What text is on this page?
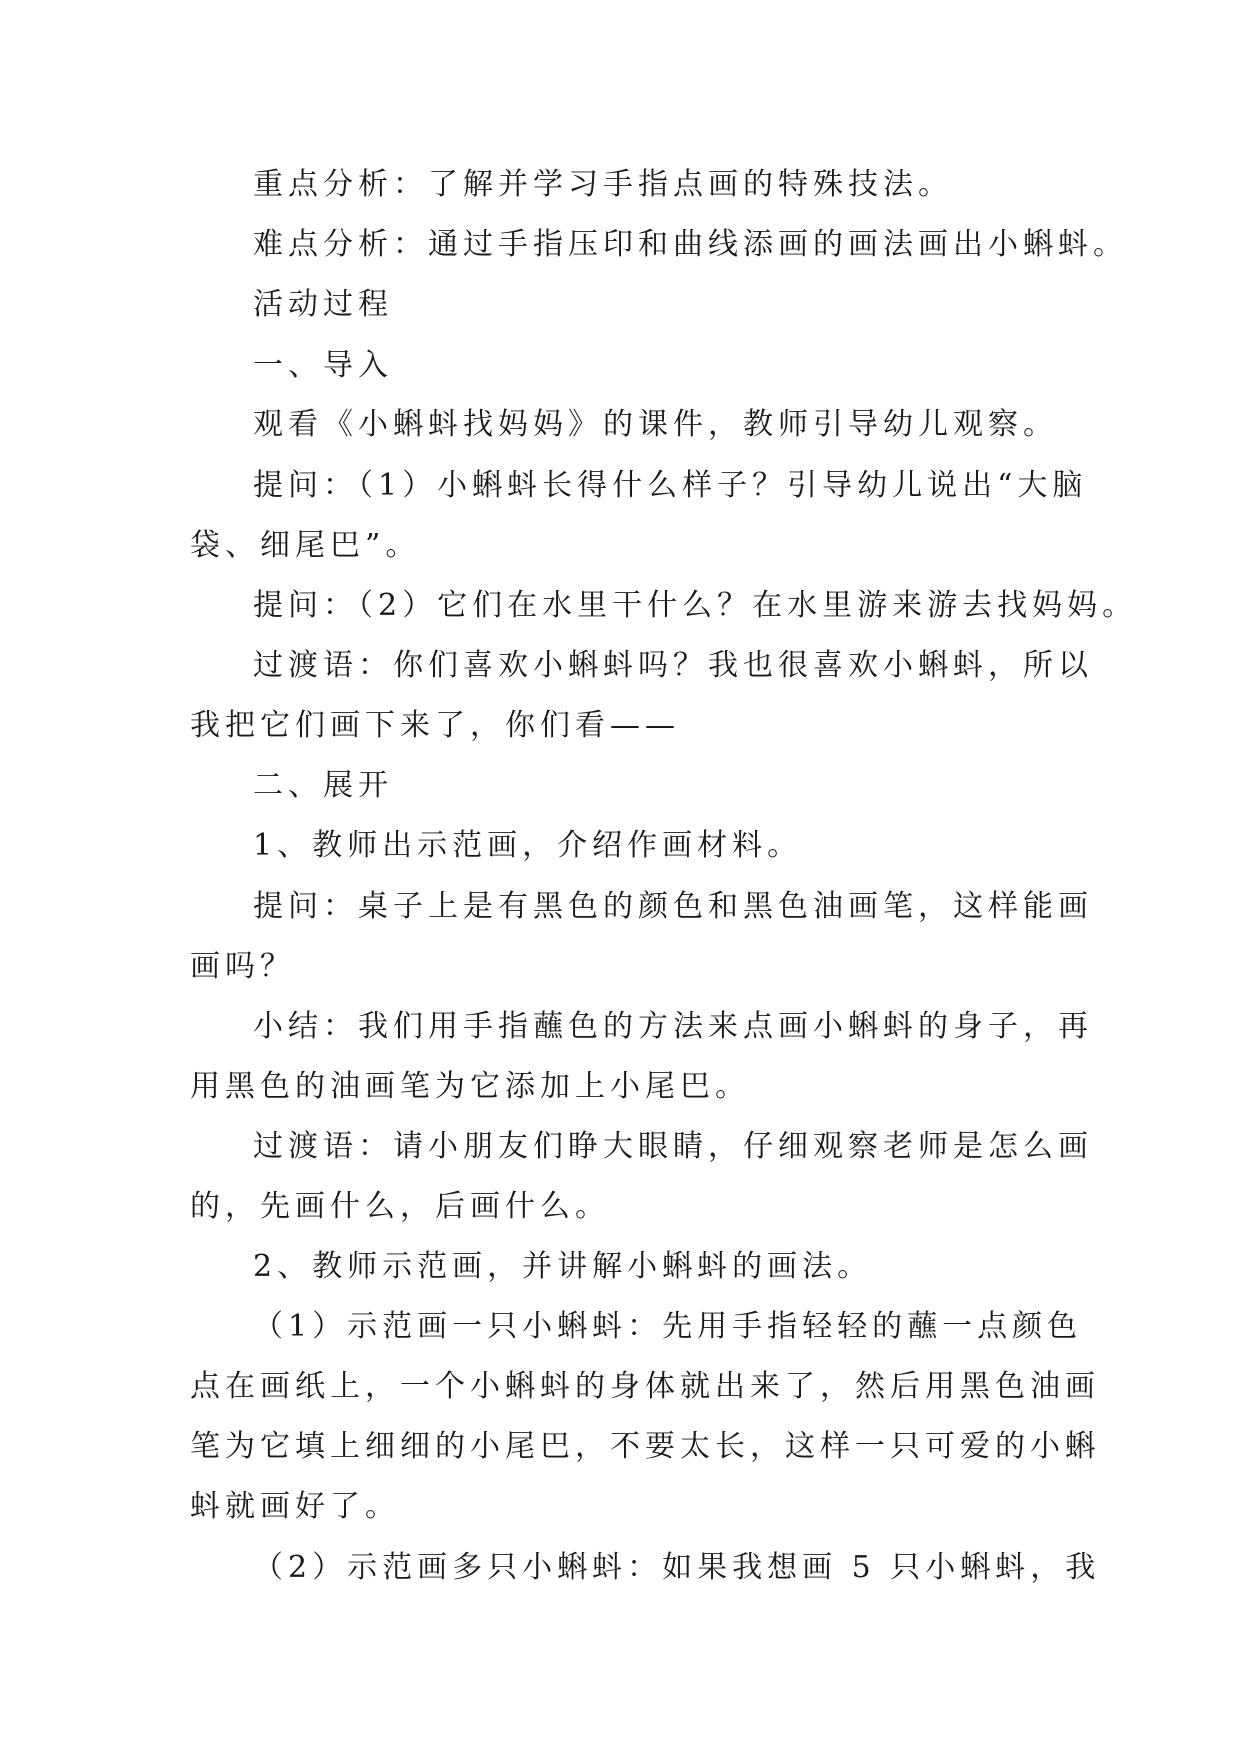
重点分析：了解并学习手指点画的特殊技法。
难点分析：通过手指压印和曲线添画的画法画出小蝌蚪。
活动过程
一、导入
观看《小蝌蚪找妈妈》的课件，教师引导幼儿观察。
提问：（1）小蝌蚪长得什么样子？引导幼儿说出“大脑
袋、细尾巴”。
提问：（2）它们在水里干什么？在水里游来游去找妈妈。
过渡语：你们喜欢小蝌蚪吗？我也很喜欢小蝌蚪，所以
我把它们画下来了，你们看——
二、展开
1、教师出示范画，介绍作画材料。
提问：桌子上是有黑色的颜色和黑色油画笔，这样能画
画吗？
小结：我们用手指蘸色的方法来点画小蝌蚪的身子，再
用黑色的油画笔为它添加上小尾巴。
过渡语：请小朋友们睁大眼睛，仔细观察老师是怎么画
的，先画什么，后画什么。
2、教师示范画，并讲解小蝌蚪的画法。
（1）示范画一只小蝌蚪：先用手指轻轻的蘸一点颜色
点在画纸上，一个小蝌蚪的身体就出来了，然后用黑色油画
笔为它填上细细的小尾巴，不要太长，这样一只可爱的小蝌
蚪就画好了。
（2）示范画多只小蝌蚪：如果我想画 5 只小蝌蚪，我
